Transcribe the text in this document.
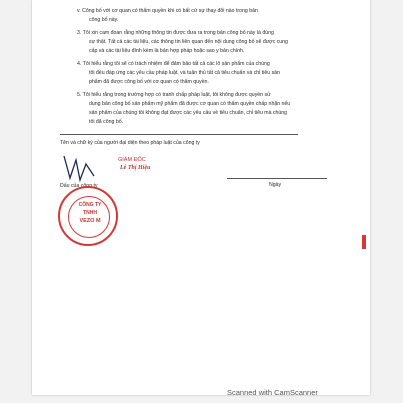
v. Công bố với cơ quan có thẩm quyền khi có bất cứ sự thay đổi nào trong bản
công bố này.
3. Tôi xin cam đoan rằng những thông tin được đưa ra trong bản công bố này là đúng
sự thật. Tất cả các tài liệu, các thông tin liên quan đến nội dung công bố sẽ được cung
cấp và các tài liệu đính kèm là bản hợp pháp hoặc sao y bản chính.
4. Tôi hiểu rằng tôi sẽ có trách nhiệm để đảm bảo tất cả các lô sản phẩm của chúng
tôi đều đáp ứng các yêu cầu pháp luật, và tuân thủ tất cả tiêu chuẩn và chỉ tiêu sản
phẩm đã được công bố với cơ quan có thẩm quyền.
5. Tôi hiểu rằng trong trường hợp có tranh chấp pháp luật, tôi không được quyền sử
dụng bản công bố sản phẩm mỹ phẩm đã được cơ quan có thẩm quyền chấp nhận nếu
sản phẩm của chúng tôi không đạt được các yêu cầu về tiêu chuẩn, chỉ tiêu mà chúng
tôi đã công bố.
Tên và chữ ký của người đại diện theo pháp luật của công ty
GIÁM ĐỐC
Lê Thị Hiệu
Ngày
Dấu của công ty
CÔNG TY
TNHH
VEZO M
Scanned with CamScanner
